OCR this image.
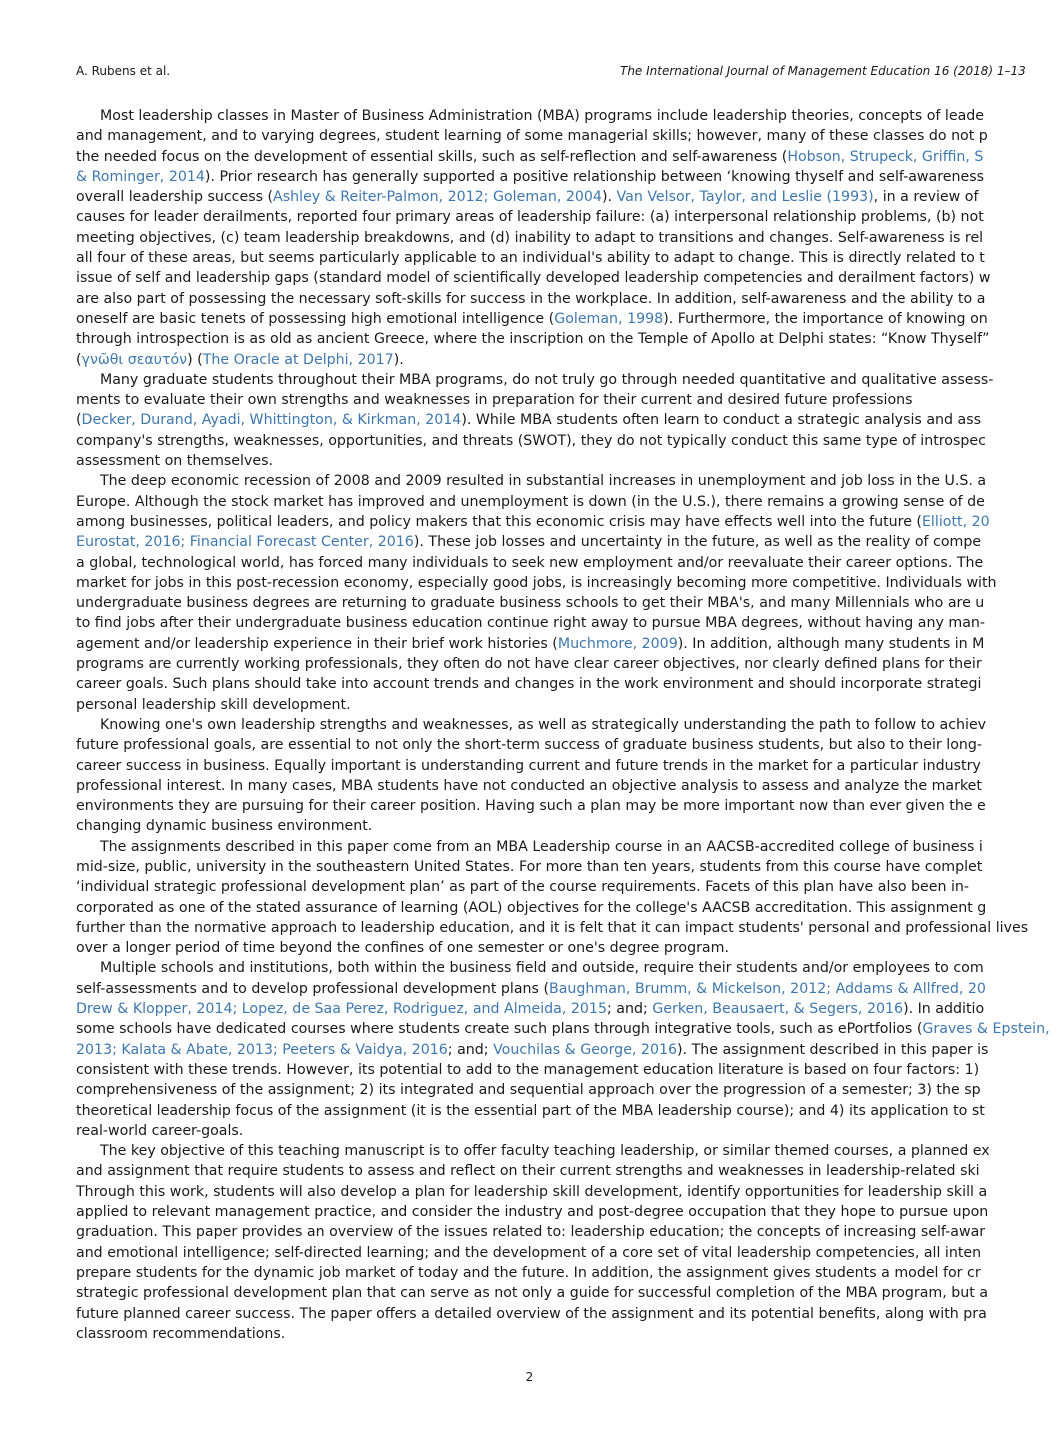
A. Rubens et al.	The International Journal of Management Education 16 (2018) 1–13
Most leadership classes in Master of Business Administration (MBA) programs include leadership theories, concepts of leade
and management, and to varying degrees, student learning of some managerial skills; however, many of these classes do not p
the needed focus on the development of essential skills, such as self-reflection and self-awareness (Hobson, Strupeck, Griffin, S
& Rominger, 2014). Prior research has generally supported a positive relationship between ‘knowing thyself and self-awareness
overall leadership success (Ashley & Reiter-Palmon, 2012; Goleman, 2004). Van Velsor, Taylor, and Leslie (1993), in a review of
causes for leader derailments, reported four primary areas of leadership failure: (a) interpersonal relationship problems, (b) not
meeting objectives, (c) team leadership breakdowns, and (d) inability to adapt to transitions and changes. Self-awareness is rel
all four of these areas, but seems particularly applicable to an individual's ability to adapt to change. This is directly related to t
issue of self and leadership gaps (standard model of scientifically developed leadership competencies and derailment factors) w
are also part of possessing the necessary soft-skills for success in the workplace. In addition, self-awareness and the ability to a
oneself are basic tenets of possessing high emotional intelligence (Goleman, 1998). Furthermore, the importance of knowing on
through introspection is as old as ancient Greece, where the inscription on the Temple of Apollo at Delphi states: “Know Thyself”
(γνῶθι σεαυτόν) (The Oracle at Delphi, 2017).
Many graduate students throughout their MBA programs, do not truly go through needed quantitative and qualitative assess-
ments to evaluate their own strengths and weaknesses in preparation for their current and desired future professions
(Decker, Durand, Ayadi, Whittington, & Kirkman, 2014). While MBA students often learn to conduct a strategic analysis and ass
company's strengths, weaknesses, opportunities, and threats (SWOT), they do not typically conduct this same type of introspec
assessment on themselves.
The deep economic recession of 2008 and 2009 resulted in substantial increases in unemployment and job loss in the U.S. a
Europe. Although the stock market has improved and unemployment is down (in the U.S.), there remains a growing sense of de
among businesses, political leaders, and policy makers that this economic crisis may have effects well into the future (Elliott, 20
Eurostat, 2016; Financial Forecast Center, 2016). These job losses and uncertainty in the future, as well as the reality of compe
a global, technological world, has forced many individuals to seek new employment and/or reevaluate their career options. The
market for jobs in this post-recession economy, especially good jobs, is increasingly becoming more competitive. Individuals with
undergraduate business degrees are returning to graduate business schools to get their MBA's, and many Millennials who are u
to find jobs after their undergraduate business education continue right away to pursue MBA degrees, without having any man-
agement and/or leadership experience in their brief work histories (Muchmore, 2009). In addition, although many students in M
programs are currently working professionals, they often do not have clear career objectives, nor clearly defined plans for their
career goals. Such plans should take into account trends and changes in the work environment and should incorporate strategi
personal leadership skill development.
Knowing one's own leadership strengths and weaknesses, as well as strategically understanding the path to follow to achiev
future professional goals, are essential to not only the short-term success of graduate business students, but also to their long-
career success in business. Equally important is understanding current and future trends in the market for a particular industry
professional interest. In many cases, MBA students have not conducted an objective analysis to assess and analyze the market
environments they are pursuing for their career position. Having such a plan may be more important now than ever given the e
changing dynamic business environment.
The assignments described in this paper come from an MBA Leadership course in an AACSB-accredited college of business i
mid-size, public, university in the southeastern United States. For more than ten years, students from this course have complet
‘individual strategic professional development plan’ as part of the course requirements. Facets of this plan have also been in-
corporated as one of the stated assurance of learning (AOL) objectives for the college's AACSB accreditation. This assignment g
further than the normative approach to leadership education, and it is felt that it can impact students' personal and professional lives
over a longer period of time beyond the confines of one semester or one's degree program.
Multiple schools and institutions, both within the business field and outside, require their students and/or employees to com
self-assessments and to develop professional development plans (Baughman, Brumm, & Mickelson, 2012; Addams & Allfred, 20
Drew & Klopper, 2014; Lopez, de Saa Perez, Rodriguez, and Almeida, 2015; and; Gerken, Beausaert, & Segers, 2016). In additio
some schools have dedicated courses where students create such plans through integrative tools, such as ePortfolios (Graves & Epstein,
2013; Kalata & Abate, 2013; Peeters & Vaidya, 2016; and; Vouchilas & George, 2016). The assignment described in this paper is
consistent with these trends. However, its potential to add to the management education literature is based on four factors: 1)
comprehensiveness of the assignment; 2) its integrated and sequential approach over the progression of a semester; 3) the sp
theoretical leadership focus of the assignment (it is the essential part of the MBA leadership course); and 4) its application to st
real-world career-goals.
The key objective of this teaching manuscript is to offer faculty teaching leadership, or similar themed courses, a planned ex
and assignment that require students to assess and reflect on their current strengths and weaknesses in leadership-related ski
Through this work, students will also develop a plan for leadership skill development, identify opportunities for leadership skill a
applied to relevant management practice, and consider the industry and post-degree occupation that they hope to pursue upon
graduation. This paper provides an overview of the issues related to: leadership education; the concepts of increasing self-awar
and emotional intelligence; self-directed learning; and the development of a core set of vital leadership competencies, all inten
prepare students for the dynamic job market of today and the future. In addition, the assignment gives students a model for cr
strategic professional development plan that can serve as not only a guide for successful completion of the MBA program, but a
future planned career success. The paper offers a detailed overview of the assignment and its potential benefits, along with pra
classroom recommendations.
2
